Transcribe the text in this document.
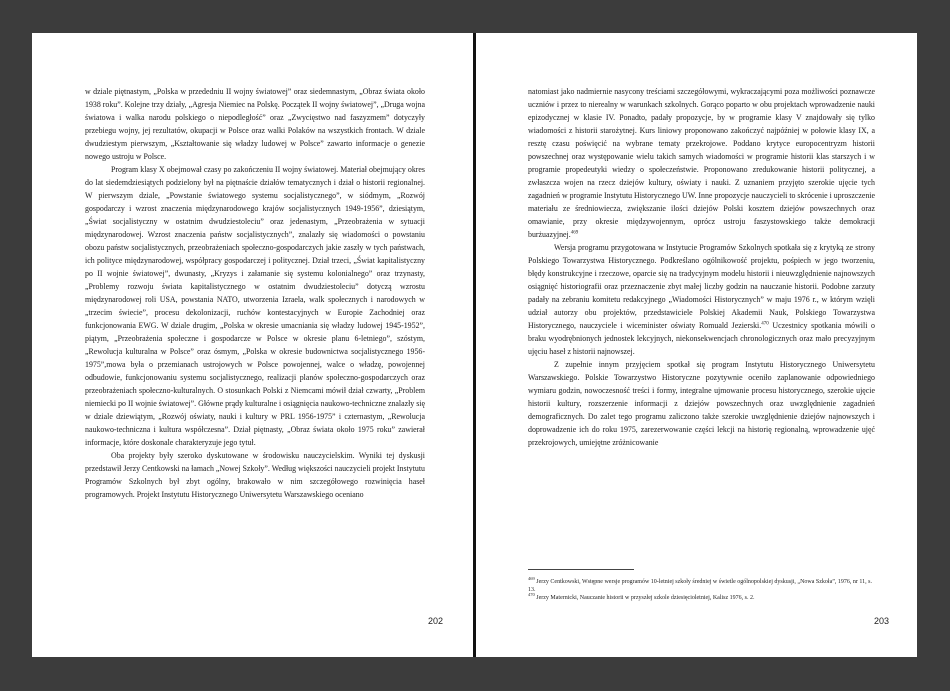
w dziale piętnastym, „Polska w przededniu II wojny światowej” oraz siedemnastym, „Obraz świata około 1938 roku”. Kolejne trzy działy, „Agresja Niemiec na Polskę. Początek II wojny światowej”, „Druga wojna światowa i walka narodu polskiego o niepodległość” oraz „Zwycięstwo nad faszyzmem” dotyczyły przebiegu wojny, jej rezultatów, okupacji w Polsce oraz walki Polaków na wszystkich frontach. W dziale dwudziestym pierwszym, „Kształtowanie się władzy ludowej w Polsce” zawarto informacje o genezie nowego ustroju w Polsce.

Program klasy X obejmował czasy po zakończeniu II wojny światowej. Materiał obejmujący okres do lat siedemdziesiątych podzielony był na piętnaście działów tematycznych i dział o historii regionalnej. W pierwszym dziale, „Powstanie światowego systemu socjalistycznego”, w siódmym, „Rozwój gospodarczy i wzrost znaczenia międzynarodowego krajów socjalistycznych 1949-1956”, dziesiątym, „Świat socjalistyczny w ostatnim dwudziestoleciu” oraz jedenastym, „Przeobrażenia w sytuacji międzynarodowej. Wzrost znaczenia państw socjalistycznych”, znalazły się wiadomości o powstaniu obozu państw socjalistycznych, przeobrażeniach społeczno-gospodarczych jakie zaszły w tych państwach, ich polityce międzynarodowej, współpracy gospodarczej i politycznej. Dział trzeci, „Świat kapitalistyczny po II wojnie światowej”, dwunasty, „Kryzys i załamanie się systemu kolonialnego” oraz trzynasty, „Problemy rozwoju świata kapitalistycznego w ostatnim dwudziestoleciu” dotyczą wzrostu międzynarodowej roli USA, powstania NATO, utworzenia Izraela, walk społecznych i narodowych w „trzecim świecie”, procesu dekolonizacji, ruchów kontestacyjnych w Europie Zachodniej oraz funkcjonowania EWG. W dziale drugim, „Polska w okresie umacniania się władzy ludowej 1945-1952”, piątym, „Przeobrażenia społeczne i gospodarcze w Polsce w okresie planu 6-letniego”, szóstym, „Rewolucja kulturalna w Polsce” oraz ósmym, „Polska w okresie budownictwa socjalistycznego 1956-1975”,mowa była o przemianach ustrojowych w Polsce powojennej, walce o władzę, powojennej odbudowie, funkcjonowaniu systemu socjalistycznego, realizacji planów społeczno-gospodarczych oraz przeobrażeniach społeczno-kulturalnych. O stosunkach Polski z Niemcami mówił dział czwarty, „Problem niemiecki po II wojnie światowej”. Główne prądy kulturalne i osiągnięcia naukowo-techniczne znalazły się w dziale dziewiątym, „Rozwój oświaty, nauki i kultury w PRL 1956-1975” i czternastym, „Rewolucja naukowo-techniczna i kultura współczesna”. Dział piętnasty, „Obraz świata około 1975 roku” zawierał informacje, które doskonale charakteryzuje jego tytuł.

Oba projekty były szeroko dyskutowane w środowisku nauczycielskim. Wyniki tej dyskusji przedstawił Jerzy Centkowski na łamach „Nowej Szkoły”. Według większości nauczycieli projekt Instytutu Programów Szkolnych był zbyt ogólny, brakowało w nim szczegółowego rozwinięcia haseł programowych. Projekt Instytutu Historycznego Uniwersytetu Warszawskiego oceniano

202

natomiast jako nadmiernie nasycony treściami szczegółowymi, wykraczającymi poza możliwości poznawcze uczniów i przez to nierealny w warunkach szkolnych. Gorąco poparto w obu projektach wprowadzenie nauki epizodycznej w klasie IV. Ponadto, padały propozycje, by w programie klasy V znajdowały się tylko wiadomości z historii starożytnej. Kurs liniowy proponowano zakończyć najpóźniej w połowie klasy IX, a resztę czasu poświęcić na wybrane tematy przekrojowe. Poddano krytyce europocentryzm historii powszechnej oraz występowanie wielu takich samych wiadomości w programie historii klas starszych i w programie propedeutyki wiedzy o społeczeństwie. Proponowano zredukowanie historii politycznej, a zwłaszcza wojen na rzecz dziejów kultury, oświaty i nauki. Z uznaniem przyjęto szerokie ujęcie tych zagadnień w programie Instytutu Historycznego UW. Inne propozycje nauczycieli to skrócenie i uproszczenie materiału ze średniowiecza, zwiększanie ilości dziejów Polski kosztem dziejów powszechnych oraz omawianie, przy okresie międzywojennym, oprócz ustroju faszystowskiego także demokracji burżuazyjnej.$^{469}$

Wersja programu przygotowana w Instytucie Programów Szkolnych spotkała się z krytyką ze strony Polskiego Towarzystwa Historycznego. Podkreślano ogólnikowość projektu, pośpiech w jego tworzeniu, błędy konstrukcyjne i rzeczowe, oparcie się na tradycyjnym modelu historii i nieuwzględnienie najnowszych osiągnięć historiografii oraz przeznaczenie zbyt małej liczby godzin na nauczanie historii. Podobne zarzuty padały na zebraniu komitetu redakcyjnego „Wiadomości Historycznych” w maju 1976 r., w którym wzięli udział autorzy obu projektów, przedstawiciele Polskiej Akademii Nauk, Polskiego Towarzystwa Historycznego, nauczyciele i wiceminister oświaty Romuald Jezierski.$^{470}$ Uczestnicy spotkania mówili o braku wyodrębnionych jednostek lekcyjnych, niekonsekwencjach chronologicznych oraz mało precyzyjnym ujęciu haseł z historii najnowszej.

Z zupełnie innym przyjęciem spotkał się program Instytutu Historycznego Uniwersytetu Warszawskiego. Polskie Towarzystwo Historyczne pozytywnie oceniło zaplanowanie odpowiedniego wymiaru godzin, nowoczesność treści i formy, integralne ujmowanie procesu historycznego, szerokie ujęcie historii kultury, rozszerzenie informacji z dziejów powszechnych oraz uwzględnienie zagadnień demograficznych. Do zalet tego programu zaliczono także szerokie uwzględnienie dziejów najnowszych i doprowadzenie ich do roku 1975, zarezerwowanie części lekcji na historię regionalną, wprowadzenie ujęć przekrojowych, umiejętne zróżnicowanie

$^{469}$ Jerzy Centkowski, Wstępne wersje programów 10-letniej szkoły średniej w świetle ogólnopolskiej dyskusji, „Nowa Szkoła”, 1976, nr 11, s. 13.

$^{470}$ Jerzy Maternicki, Nauczanie historii w przyszłej szkole dziesięcioletniej, Kalisz 1976, s. 2.

203
